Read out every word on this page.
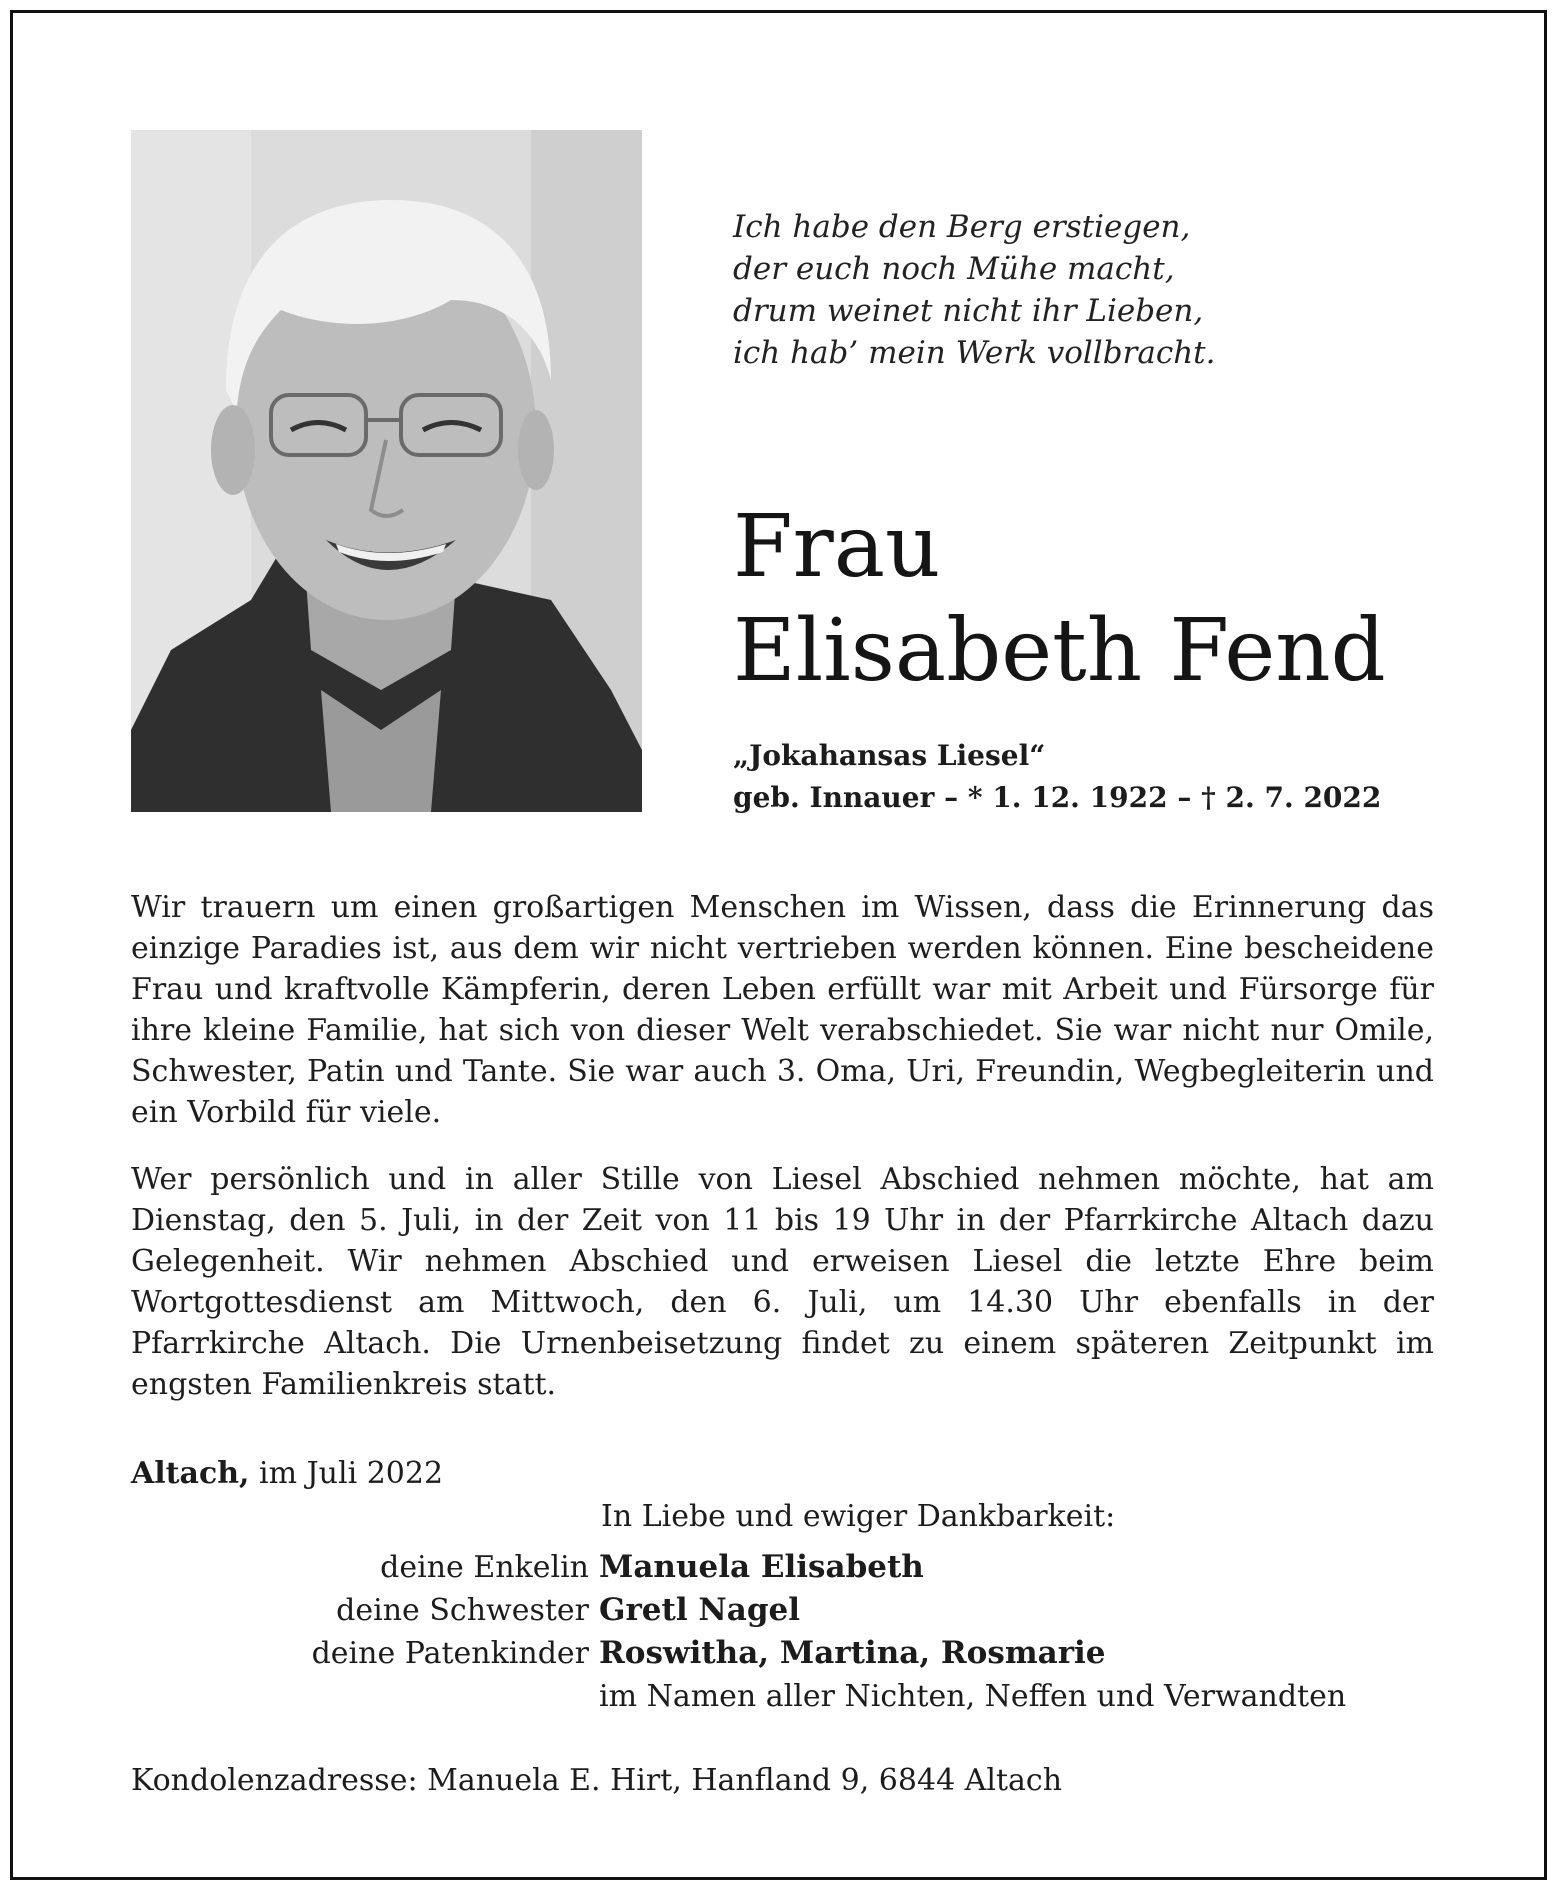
Ich habe den Berg erstiegen,
der euch noch Mühe macht,
drum weinet nicht ihr Lieben,
ich hab’ mein Werk vollbracht.
Frau
Elisabeth Fend
„Jokahansas Liesel“
geb. Innauer – * 1. 12. 1922 – † 2. 7. 2022
Wir trauern um einen großartigen Menschen im Wissen, dass die Erinnerung das einzige Paradies ist, aus dem wir nicht vertrieben werden können. Eine bescheidene Frau und kraftvolle Kämpferin, deren Leben erfüllt war mit Arbeit und Fürsorge für ihre kleine Familie, hat sich von dieser Welt verabschiedet. Sie war nicht nur Omile, Schwester, Patin und Tante. Sie war auch 3. Oma, Uri, Freundin, Wegbegleiterin und ein Vorbild für viele.
Wer persönlich und in aller Stille von Liesel Abschied nehmen möchte, hat am Dienstag, den 5. Juli, in der Zeit von 11 bis 19 Uhr in der Pfarrkirche Altach dazu Gelegenheit. Wir nehmen Abschied und erweisen Liesel die letzte Ehre beim Wortgottesdienst am Mittwoch, den 6. Juli, um 14.30 Uhr ebenfalls in der Pfarrkirche Altach. Die Urnenbeisetzung findet zu einem späteren Zeitpunkt im engsten Familienkreis statt.
Altach, im Juli 2022
In Liebe und ewiger Dankbarkeit:
deine Enkelin Manuela Elisabeth
deine Schwester Gretl Nagel
deine Patenkinder Roswitha, Martina, Rosmarie
im Namen aller Nichten, Neffen und Verwandten
Kondolenzadresse: Manuela E. Hirt, Hanfland 9, 6844 Altach
